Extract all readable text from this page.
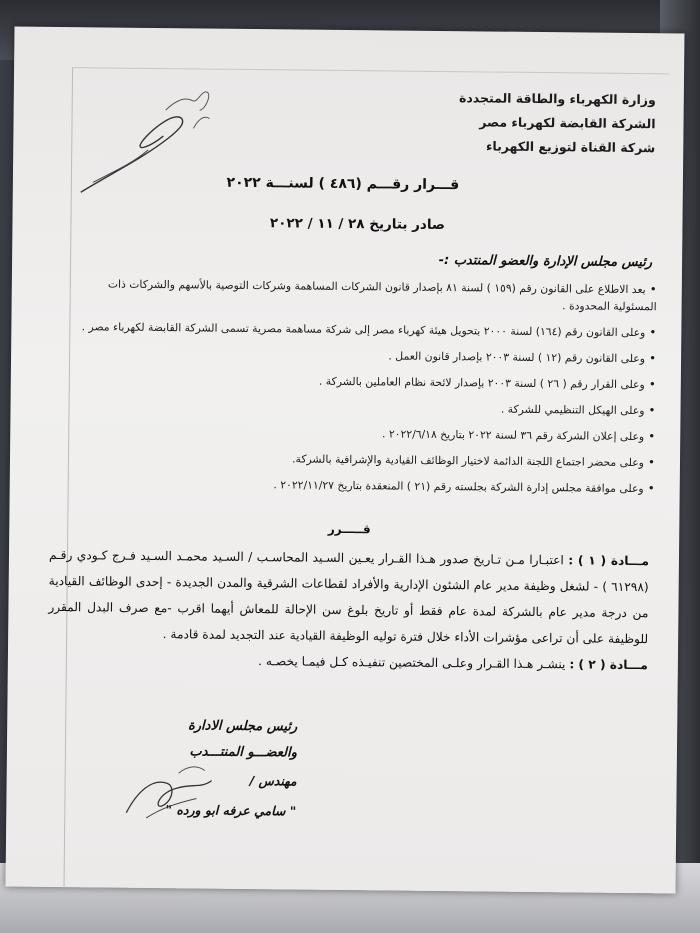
وزارة الكهرباء والطاقة المتجددة
الشركة القابضة لكهرباء مصر
شركة القناة لتوزيع الكهرباء
قـــرار رقـــم (٤٨٦ ) لسنـــة ٢٠٢٢
صادر بتاريخ ٢٨ / ١١ / ٢٠٢٢
رئيس مجلس الإدارة والعضو المنتدب :-
•بعد الاطلاع على القانون رقم (١٥٩ ) لسنة ٨١ بإصدار قانون الشركات المساهمة وشركات التوصية بالأسهم والشركات ذات المسئولية المحدودة .
•وعلى القانون رقم (١٦٤) لسنة ٢٠٠٠ بتحويل هيئة كهرباء مصر إلى شركة مساهمة مصرية تسمى الشركة القابضة لكهرباء مصر .
•وعلى القانون رقم (١٢ ) لسنة ٢٠٠٣ بإصدار قانون العمل .
•وعلى القرار رقم ( ٢٦ ) لسنة ٢٠٠٣ بإصدار لائحة نظام العاملين بالشركة .
•وعلى الهيكل التنظيمي للشركة .
•وعلى إعلان الشركة رقم ٣٦ لسنة ٢٠٢٢ بتاريخ ٢٠٢٢/٦/١٨ .
•وعلى محضر اجتماع اللجنة الدائمة لاختيار الوظائف القيادية والإشرافية بالشركة.
•وعلى موافقة مجلس إدارة الشركة بجلسته رقم (٢١ ) المنعقدة بتاريخ ٢٠٢٢/١١/٢٧ .
قـــــرر
مـــادة ( ١ ) : اعتبـارا مـن تـاريخ صدور هـذا القـرار يعـين السـيد المحاسـب / السـيد محمـد السـيد فـرج كـودي رقـم (٦١٢٩٨ ) - لشغل وظيفة مدير عام الشئون الإدارية والأفراد لقطاعات الشرقية والمدن الجديدة - إحدى الوظائف القيادية من درجة مدير عام بالشركة لمدة عام فقط أو تاريخ بلوغ سن الإحالة للمعاش أيهما اقرب -مع صرف البدل المقرر للوظيفة على أن تراعى مؤشرات الأداء خلال فترة توليه الوظيفة القيادية عند التجديد لمدة قادمة .
مـــادة ( ٢ ) : ينشـر هـذا القـرار وعلـى المختصين تنفيـذه كـل فيمـا يخصـه .
رئيس مجلس الادارة
والعضـــو المنتـــدب
مهندس /
" سامي عرفه ابو ورده "
